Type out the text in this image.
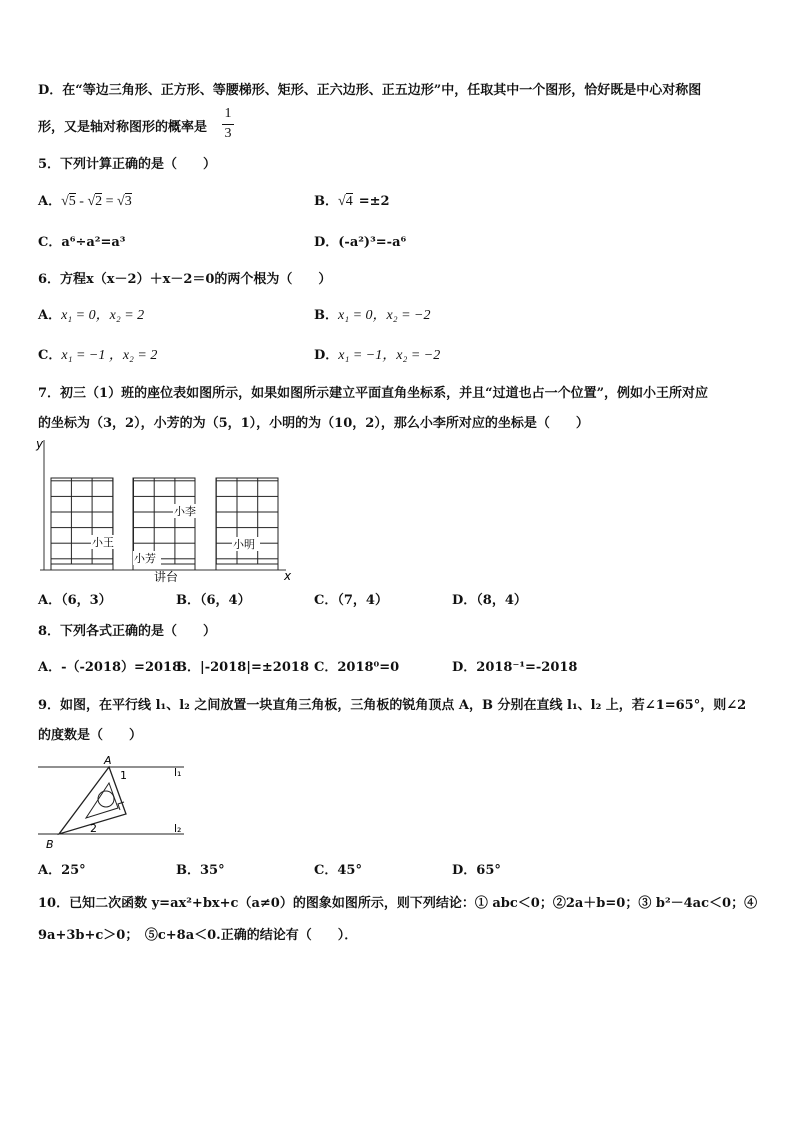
D．在“等边三角形、正方形、等腰梯形、矩形、正六边形、正五边形”中，任取其中一个图形，恰好既是中心对称图
形，又是轴对称图形的概率是
1
3
5．下列计算正确的是（　　）
A．√5 - √2 = √3	B．√4 =±2
C．a⁶÷a²=a³	D．(-a²)³=-a⁶
6．方程x（x－2）＋x－2＝0的两个根为（　　）
A．x₁ = 0，x₂ = 2	B．x₁ = 0，x₂ = −2
C．x₁ = −1 ，x₂ = 2	D．x₁ = −1，x₂ = −2
7．初三（1）班的座位表如图所示，如果如图所示建立平面直角坐标系，并且“过道也占一个位置”，例如小王所对应
的坐标为（3，2），小芳的为（5，1），小明的为（10，2），那么小李所对应的坐标是（　　）
y
x
小王
小芳
小李
小明
讲台
A．（6，3）	B．（6，4）	C．（7，4）	D．（8，4）
8．下列各式正确的是（　　）
A．-（-2018）=2018
B．|-2018|=±2018 C．2018⁰=0	D．2018⁻¹=-2018
9．如图，在平行线 l₁、l₂ 之间放置一块直角三角板，三角板的锐角顶点 A，B 分别在直线 l₁、l₂ 上，若∠1=65°，则∠2
的度数是（　　）
l₁
l₂
A
B
1
2
A．25°	B．35°	C．45°	D．65°
10．已知二次函数 y=ax²+bx+c（a≠0）的图象如图所示，则下列结论：① abc＜0；②2a＋b=0；③ b²－4ac＜0；④
9a+3b+c＞0；　⑤c+8a＜0.正确的结论有（　　）．
